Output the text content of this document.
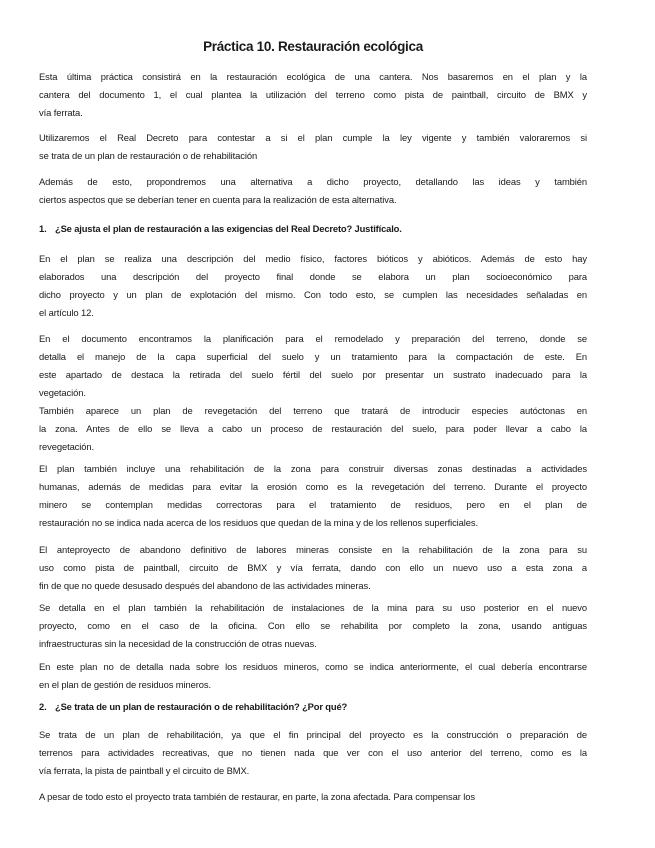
Práctica 10. Restauración ecológica
Esta última práctica consistirá en la restauración ecológica de una cantera. Nos basaremos en el plan y la
cantera del documento 1, el cual plantea la utilización del terreno como pista de paintball, circuito de BMX y
vía ferrata.
Utilizaremos el Real Decreto para contestar a si el plan cumple la ley vigente y también valoraremos si
se trata de un plan de restauración o de rehabilitación
Además de esto, propondremos una alternativa a dicho proyecto, detallando las ideas y también
ciertos aspectos que se deberían tener en cuenta para la realización de esta alternativa.
1. ¿Se ajusta el plan de restauración a las exigencias del Real Decreto? Justifícalo.
En el plan se realiza una descripción del medio físico, factores bióticos y abióticos. Además de esto hay
elaborados una descripción del proyecto final donde se elabora un plan socioeconómico para
dicho proyecto y un plan de explotación del mismo. Con todo esto, se cumplen las necesidades señaladas en
el artículo 12.
En el documento encontramos la planificación para el remodelado y preparación del terreno, donde se
detalla el manejo de la capa superficial del suelo y un tratamiento para la compactación de este. En
este apartado de destaca la retirada del suelo fértil del suelo por presentar un sustrato inadecuado para la
vegetación.
También aparece un plan de revegetación del terreno que tratará de introducir especies autóctonas en
la zona. Antes de ello se lleva a cabo un proceso de restauración del suelo, para poder llevar a cabo la
revegetación.
El plan también incluye una rehabilitación de la zona para construir diversas zonas destinadas a actividades
humanas, además de medidas para evitar la erosión como es la revegetación del terreno. Durante el proyecto
minero se contemplan medidas correctoras para el tratamiento de residuos, pero en el plan de
restauración no se indica nada acerca de los residuos que quedan de la mina y de los rellenos superficiales.
El anteproyecto de abandono definitivo de labores mineras consiste en la rehabilitación de la zona para su
uso como pista de paintball, circuito de BMX y vía ferrata, dando con ello un nuevo uso a esta zona a
fin de que no quede desusado después del abandono de las actividades mineras.
Se detalla en el plan también la rehabilitación de instalaciones de la mina para su uso posterior en el nuevo
proyecto, como en el caso de la oficina. Con ello se rehabilita por completo la zona, usando antiguas
infraestructuras sin la necesidad de la construcción de otras nuevas.
En este plan no de detalla nada sobre los residuos mineros, como se indica anteriormente, el cual debería encontrarse
en el plan de gestión de residuos mineros.
2. ¿Se trata de un plan de restauración o de rehabilitación? ¿Por qué?
Se trata de un plan de rehabilitación, ya que el fin principal del proyecto es la construcción o preparación de
terrenos para actividades recreativas, que no tienen nada que ver con el uso anterior del terreno, como es la
vía ferrata, la pista de paintball y el circuito de BMX.
A pesar de todo esto el proyecto trata también de restaurar, en parte, la zona afectada. Para compensar los
